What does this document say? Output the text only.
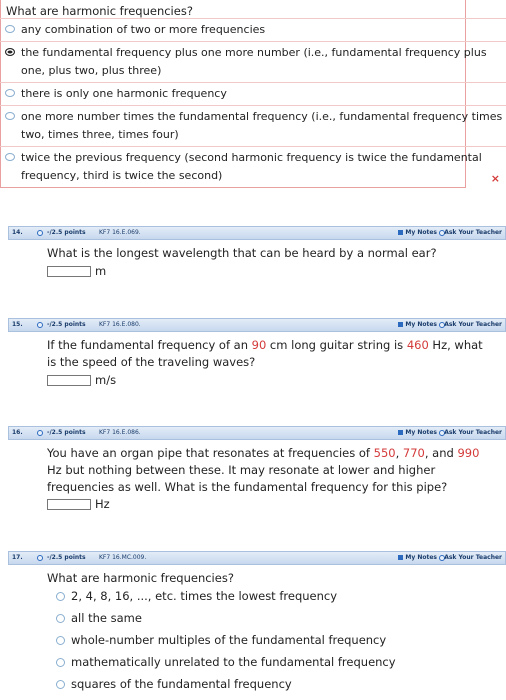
What are harmonic frequencies?
any combination of two or more frequencies
the fundamental frequency plus one more number (i.e., fundamental frequency plus one, plus two, plus three)
there is only one harmonic frequency
one more number times the fundamental frequency (i.e., fundamental frequency times two, times three, times four)
twice the previous frequency (second harmonic frequency is twice the fundamental frequency, third is twice the second)	×
14.	-/2.5 points KF7 16.E.069.	My Notes Ask Your Teacher
What is the longest wavelength that can be heard by a normal ear?
m
15.	-/2.5 points KF7 16.E.080.	My Notes Ask Your Teacher
If the fundamental frequency of an 90 cm long guitar string is 460 Hz, what is the speed of the traveling waves?
m/s
16.	-/2.5 points KF7 16.E.086.	My Notes Ask Your Teacher
You have an organ pipe that resonates at frequencies of 550, 770, and 990 Hz but nothing between these. It may resonate at lower and higher frequencies as well. What is the fundamental frequency for this pipe?
Hz
17.	-/2.5 points KF7 16.MC.009.	My Notes Ask Your Teacher
What are harmonic frequencies?
2, 4, 8, 16, ..., etc. times the lowest frequency
all the same
whole-number multiples of the fundamental frequency
mathematically unrelated to the fundamental frequency
squares of the fundamental frequency
